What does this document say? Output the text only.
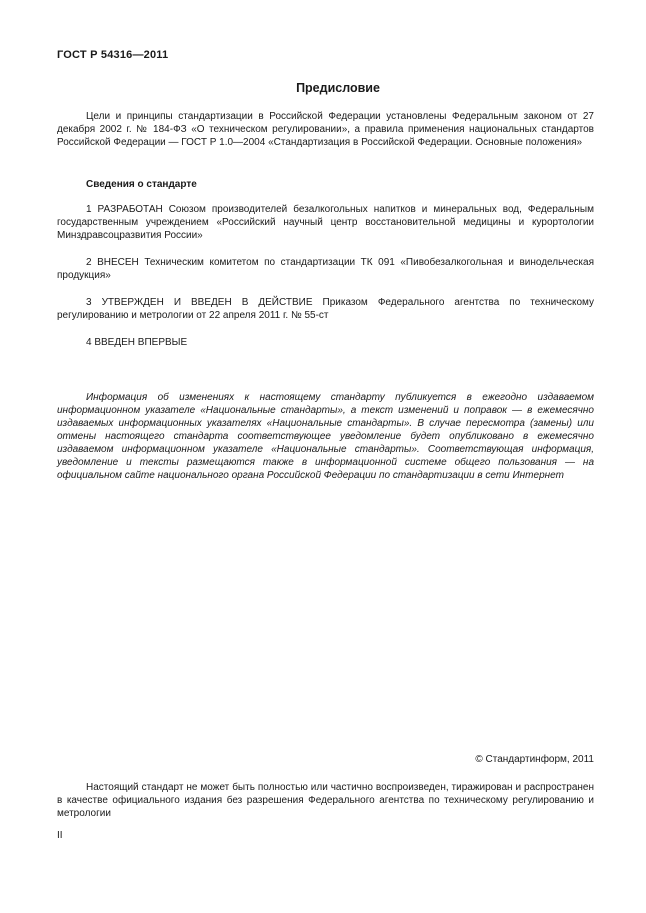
ГОСТ Р 54316—2011
Предисловие

Цели и принципы стандартизации в Российской Федерации установлены Федеральным законом от 27 декабря 2002 г. № 184-ФЗ «О техническом регулировании», а правила применения национальных стандартов Российской Федерации — ГОСТ Р 1.0—2004 «Стандартизация в Российской Федерации. Основные положения»

Сведения о стандарте

1 РАЗРАБОТАН Союзом производителей безалкогольных напитков и минеральных вод, Федеральным государственным учреждением «Российский научный центр восстановительной медицины и курортологии Минздравсоцразвития России»

2 ВНЕСЕН Техническим комитетом по стандартизации ТК 091 «Пивобезалкогольная и винодельческая продукция»

3 УТВЕРЖДЕН И ВВЕДЕН В ДЕЙСТВИЕ Приказом Федерального агентства по техническому регулированию и метрологии от 22 апреля 2011 г. № 55-ст

4 ВВЕДЕН ВПЕРВЫЕ

Информация об изменениях к настоящему стандарту публикуется в ежегодно издаваемом информационном указателе «Национальные стандарты», а текст изменений и поправок — в ежемесячно издаваемых информационных указателях «Национальные стандарты». В случае пересмотра (замены) или отмены настоящего стандарта соответствующее уведомление будет опубликовано в ежемесячно издаваемом информационном указателе «Национальные стандарты». Соответствующая информация, уведомление и тексты размещаются также в информационной системе общего пользования — на официальном сайте национального органа Российской Федерации по стандартизации в сети Интернет

© Стандартинформ, 2011

Настоящий стандарт не может быть полностью или частично воспроизведен, тиражирован и распространен в качестве официального издания без разрешения Федерального агентства по техническому регулированию и метрологии

II
